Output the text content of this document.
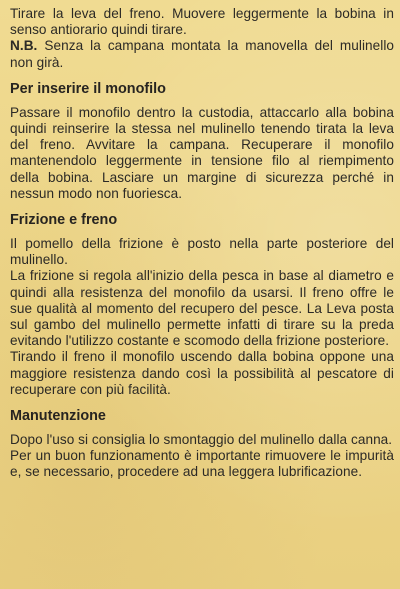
Tirare la leva del freno. Muovere leggermente la bobina in senso antiorario quindi tirare.
N.B. Senza la campana montata la manovella del mulinello non girà.

Per inserire il monofilo

Passare il monofilo dentro la custodia, attaccarlo alla bobina quindi reinserire la stessa nel mulinello tenendo tirata la leva del freno. Avvitare la campana. Recuperare il monofilo mantenendolo leggermente in tensione filo al riempimento della bobina. Lasciare un margine di sicurezza perché in nessun modo non fuoriesca.

Frizione e freno

Il pomello della frizione è posto nella parte posteriore del mulinello.

La frizione si regola all'inizio della pesca in base al diametro e quindi alla resistenza del monofilo da usarsi. Il freno offre le sue qualità al momento del recupero del pesce. La Leva posta sul gambo del mulinello permette infatti di tirare su la preda evitando l'utilizzo costante e scomodo della frizione posteriore.

Tirando il freno il monofilo uscendo dalla bobina oppone una maggiore resistenza dando così la possibilità al pescatore di recuperare con più facilità.

Manutenzione

Dopo l'uso si consiglia lo smontaggio del mulinello dalla canna.

Per un buon funzionamento è importante rimuovere le impurità e, se necessario, procedere ad una leggera lubrificazione.
